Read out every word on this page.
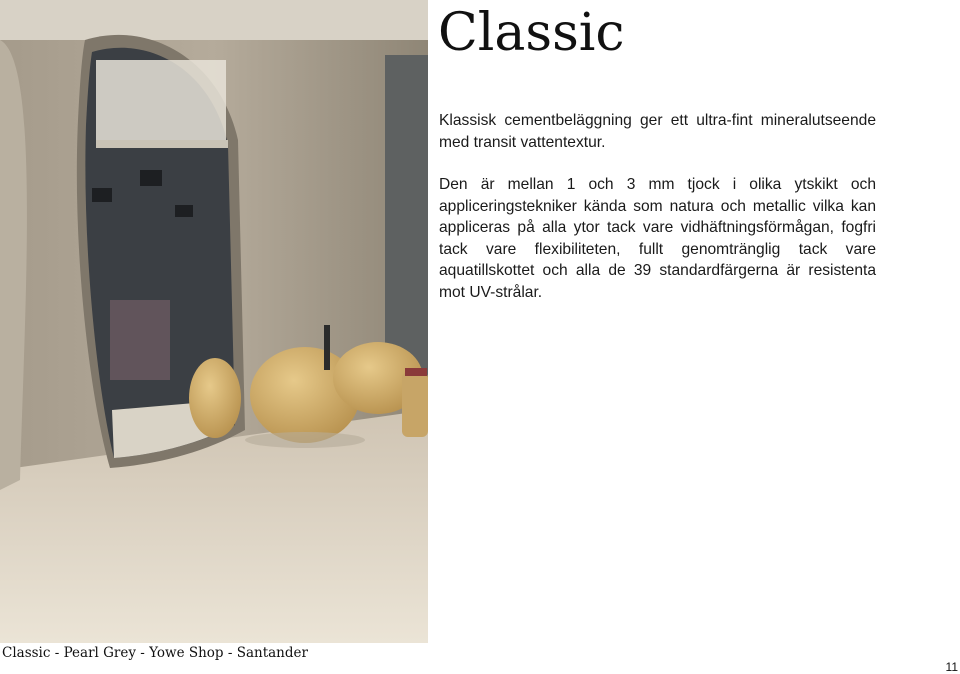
Classic

Klassisk cementbeläggning ger ett ultra-fint mineralutseende med transit vattentextur.

Den är mellan 1 och 3 mm tjock i olika ytskikt och appliceringstekniker kända som natura och metallic vilka kan appliceras på alla ytor tack vare vidhäftningsförmågan, fogfri tack vare flexibiliteten, fullt genomtränglig tack vare aquatillskottet och alla de 39 standardfärgerna är resistenta mot UV-strålar.

Classic - Pearl Grey - Yowe Shop - Santander
11
